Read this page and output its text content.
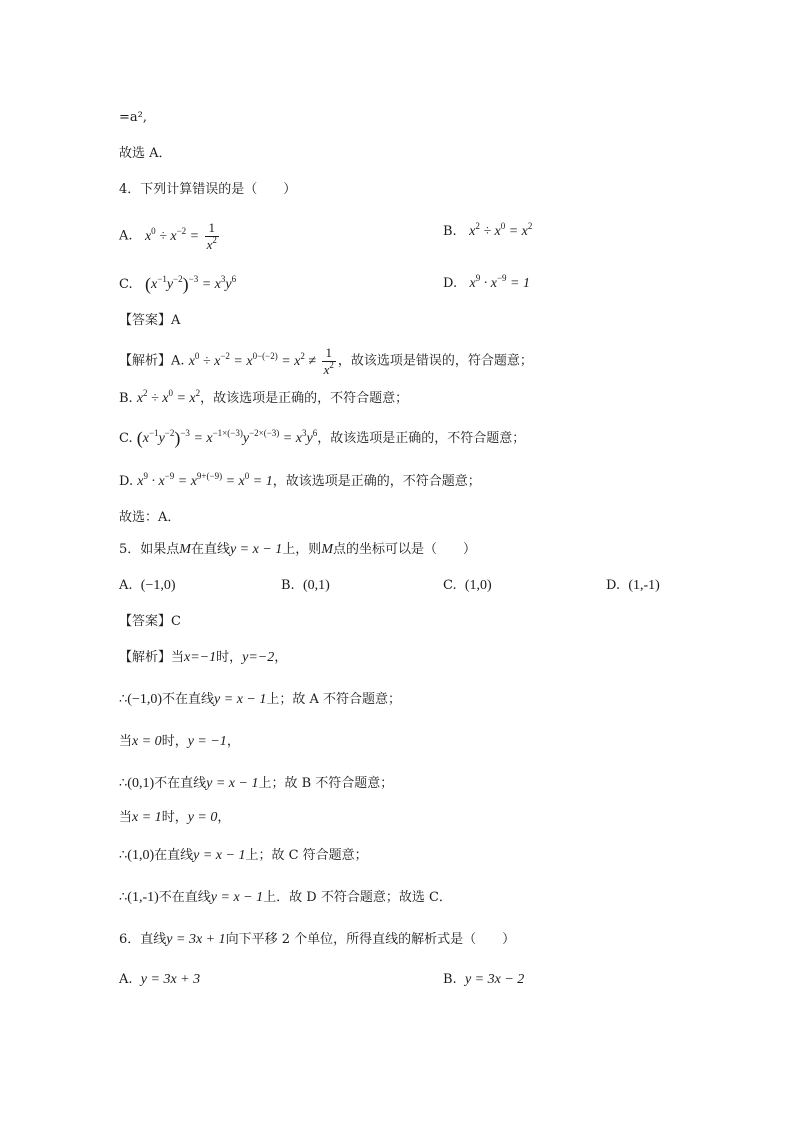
=a²,
故选 A．
4．下列计算错误的是（　　）
A. $x^0 \div x^{-2} = \frac{1}{x^2}$	B. $x^2 \div x^0 = x^2$
C. $(x^{-1}y^{-2})^{-3} = x^3y^6$	D. $x^9 \cdot x^{-9} = 1$
【答案】A
【解析】A. $x^0 \div x^{-2} = x^{0-(-2)} = x^2 \ne \frac{1}{x^2}$ ，故该选项是错误的，符合题意；
B. $x^2 \div x^0 = x^2$，故该选项是正确的，不符合题意；
C. $(x^{-1}y^{-2})^{-3} = x^{-1\times(-3)}y^{-2\times(-3)} = x^3y^6$，故该选项是正确的，不符合题意；
D. $x^9 \cdot x^{-9} = x^{9+(-9)} = x^0 = 1$，故该选项是正确的，不符合题意；
故选：A．
5．如果点M在直线y = x − 1上，则M点的坐标可以是（　　）
A. (−1,0)	B. (0,1)	C. (1,0)	D. (1,-1)
【答案】C
【解析】当x=−1时，y=−2，
∴(−1,0)不在直线y = x − 1上；故 A 不符合题意；
当x = 0时，y = −1，
∴(0,1)不在直线y = x − 1上；故 B 不符合题意；
当x = 1时，y = 0，
∴(1,0)在直线y = x − 1上；故 C 符合题意；
∴(1,-1)不在直线y = x − 1上．故 D 不符合题意；故选 C．
6．直线y = 3x + 1向下平移 2 个单位，所得直线的解析式是（　　）
A. y = 3x + 3	B. y = 3x − 2
